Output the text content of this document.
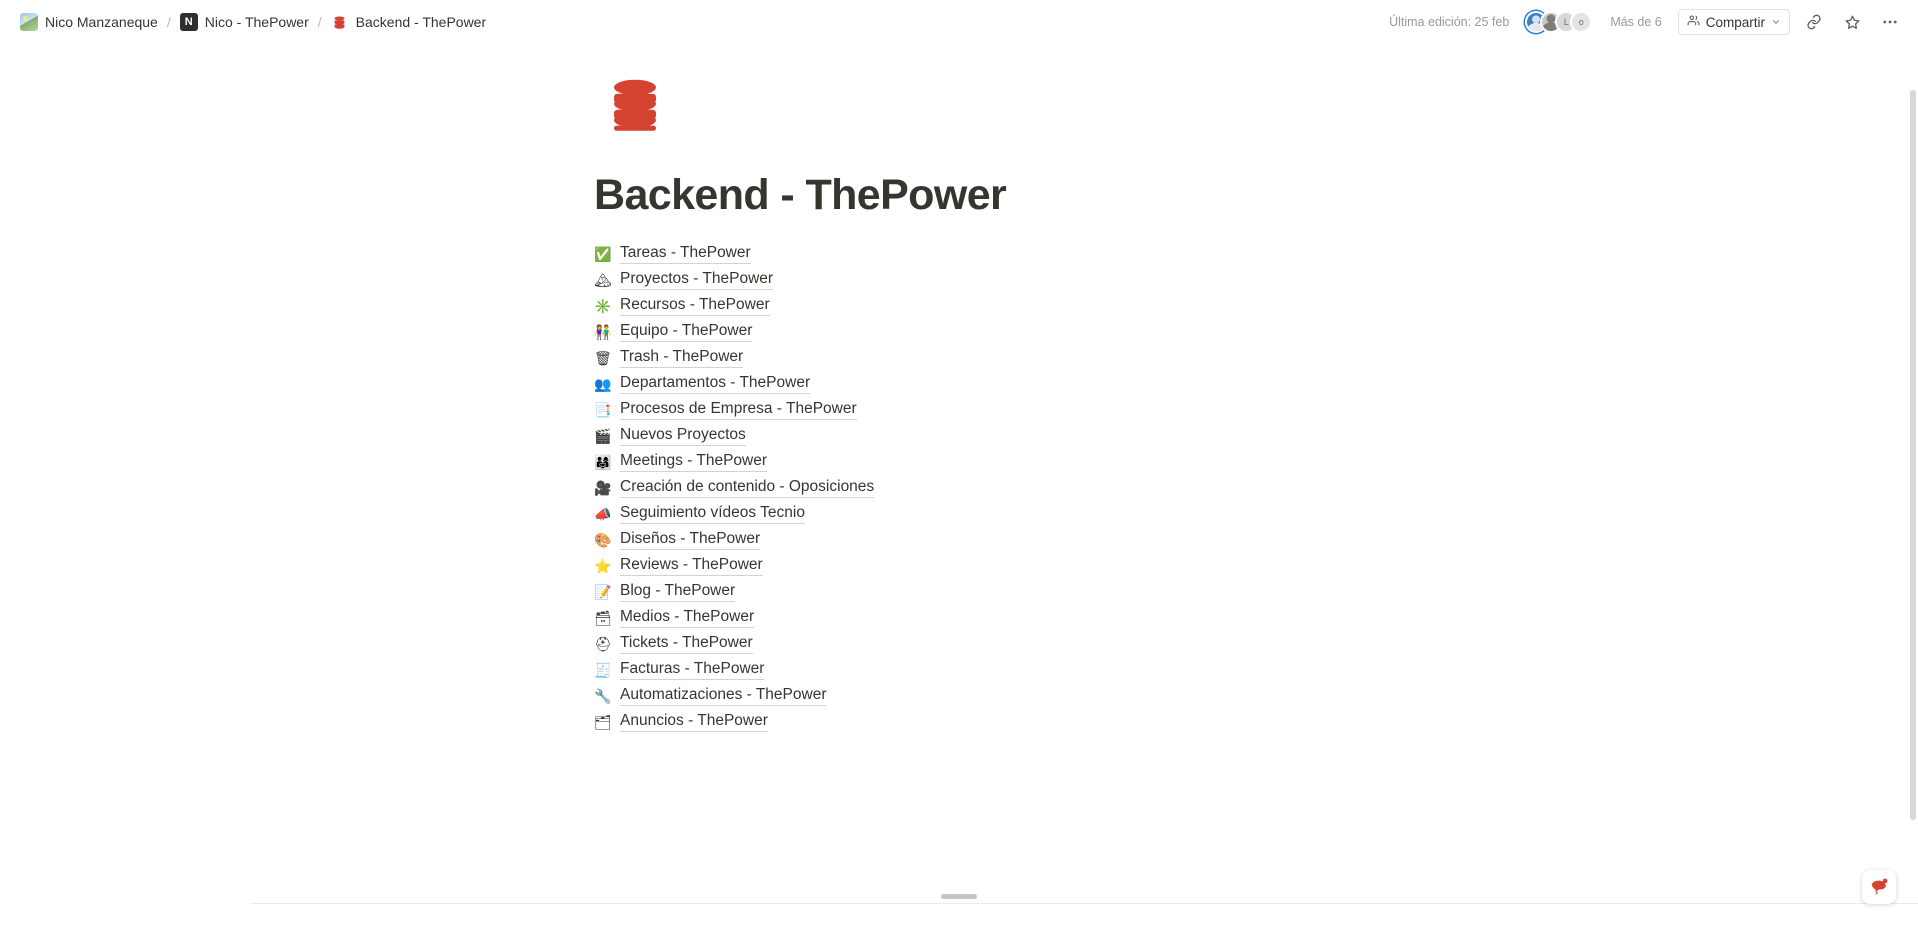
Nico Manzaneque /	N Nico - ThePower / Backend - ThePower	Última edición: 25 feb	L	o	Más de 6	Compartir
Backend - ThePower
✅ Tareas - ThePower
🏔 Proyectos - ThePower
✳️ Recursos - ThePower
👫 Equipo - ThePower
🗑 Trash - ThePower
👥 Departamentos - ThePower
📑 Procesos de Empresa - ThePower
🎬 Nuevos Proyectos
👨‍👩‍👧 Meetings - ThePower
🎥 Creación de contenido - Oposiciones
📣 Seguimiento vídeos Tecnio
🎨 Diseños - ThePower
⭐ Reviews - ThePower
📝 Blog - ThePower
🗃 Medios - ThePower
⛑ Tickets - ThePower
🧾 Facturas - ThePower
🔧 Automatizaciones - ThePower
🗂 Anuncios - ThePower
